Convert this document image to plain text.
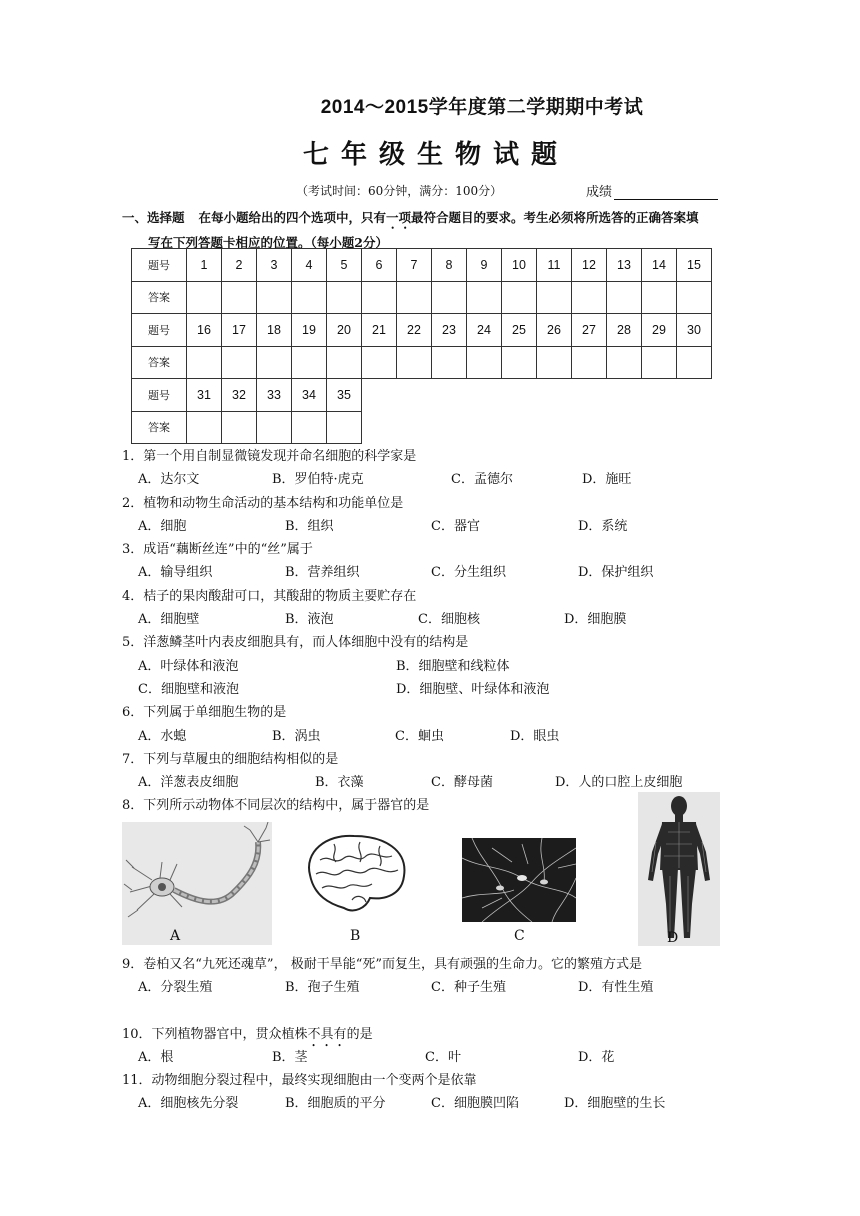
2014～2015学年度第二学期期中考试
七年级生物试题
（考试时间：60分钟，满分：100分）	成绩
一、选择题 在每小题给出的四个选项中，只有一项最符合题目的要求。考生必须将所选答的正确答案填
写在下列答题卡相应的位置。（每小题2分）
题号	1	2	3	4	5	6	7	8	9	10	11	12	13	14	15
答案															
题号	16	17	18	19	20	21	22	23	24	25	26	27	28	29	30
答案															
题号	31	32	33	34	35										
答案															
1．第一个用自制显微镜发现并命名细胞的科学家是
A．达尔文	B．罗伯特·虎克	C．孟德尔	D．施旺
2．植物和动物生命活动的基本结构和功能单位是
A．细胞	B．组织	C．器官	D．系统
3．成语“藕断丝连”中的“丝”属于
A．输导组织	B．营养组织	C．分生组织	D．保护组织
4．桔子的果肉酸甜可口，其酸甜的物质主要贮存在
A．细胞壁	B．液泡	C．细胞核	D．细胞膜
5．洋葱鳞茎叶内表皮细胞具有，而人体细胞中没有的结构是
A．叶绿体和液泡	B．细胞壁和线粒体
C．细胞壁和液泡	D．细胞壁、叶绿体和液泡
6．下列属于单细胞生物的是
A．水螅	B．涡虫	C．蛔虫	D．眼虫
7．下列与草履虫的细胞结构相似的是
A．洋葱表皮细胞	B．衣藻	C．酵母菌	D．人的口腔上皮细胞
8．下列所示动物体不同层次的结构中，属于器官的是
A	B	C	D
9．卷柏又名“九死还魂草”， 极耐干旱能“死”而复生，具有顽强的生命力。它的繁殖方式是
A．分裂生殖	B．孢子生殖	C．种子生殖	D．有性生殖
10．下列植物器官中，贯众植株不具有的是
A．根	B．茎	C．叶	D．花
11．动物细胞分裂过程中，最终实现细胞由一个变两个是依靠
A．细胞核先分裂	B．细胞质的平分	C．细胞膜凹陷	D．细胞壁的生长
